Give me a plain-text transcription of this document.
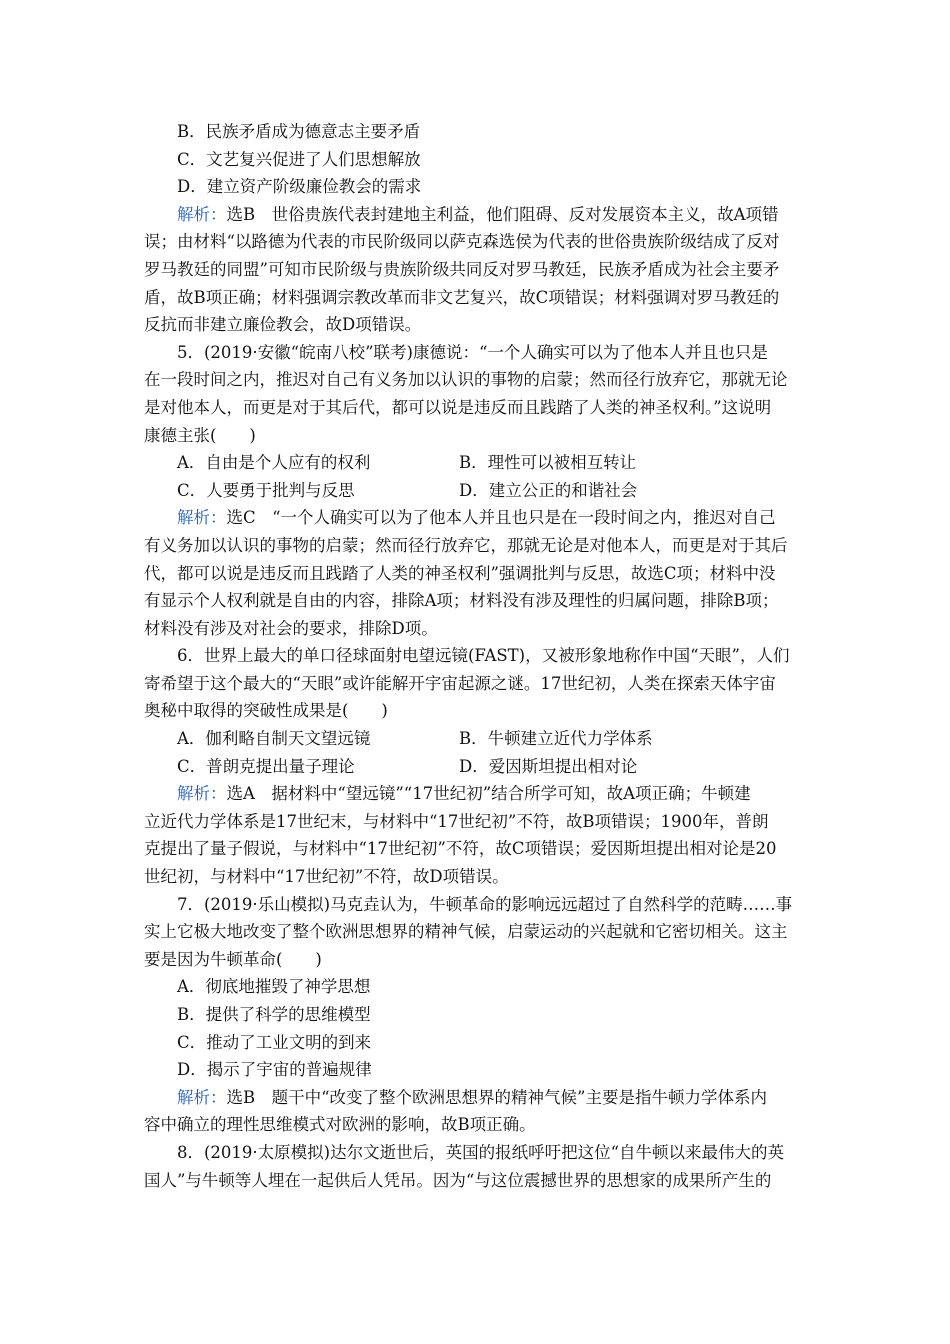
B．民族矛盾成为德意志主要矛盾
C．文艺复兴促进了人们思想解放
D．建立资产阶级廉俭教会的需求
解析：选B　世俗贵族代表封建地主利益，他们阻碍、反对发展资本主义，故A项错
误；由材料“以路德为代表的市民阶级同以萨克森选侯为代表的世俗贵族阶级结成了反对
罗马教廷的同盟”可知市民阶级与贵族阶级共同反对罗马教廷，民族矛盾成为社会主要矛
盾，故B项正确；材料强调宗教改革而非文艺复兴，故C项错误；材料强调对罗马教廷的
反抗而非建立廉俭教会，故D项错误。
5．(2019·安徽“皖南八校”联考)康德说：“一个人确实可以为了他本人并且也只是
在一段时间之内，推迟对自己有义务加以认识的事物的启蒙；然而径行放弃它，那就无论
是对他本人，而更是对于其后代，都可以说是违反而且践踏了人类的神圣权利。”这说明
康德主张(　　)
A．自由是个人应有的权利	B．理性可以被相互转让
C．人要勇于批判与反思	D．建立公正的和谐社会
解析：选C　“一个人确实可以为了他本人并且也只是在一段时间之内，推迟对自己
有义务加以认识的事物的启蒙；然而径行放弃它，那就无论是对他本人，而更是对于其后
代，都可以说是违反而且践踏了人类的神圣权利”强调批判与反思，故选C项；材料中没
有显示个人权利就是自由的内容，排除A项；材料没有涉及理性的归属问题，排除B项；
材料没有涉及对社会的要求，排除D项。
6．世界上最大的单口径球面射电望远镜(FAST)，又被形象地称作中国“天眼”，人们
寄希望于这个最大的“天眼”或许能解开宇宙起源之谜。17世纪初，人类在探索天体宇宙
奥秘中取得的突破性成果是(　　)
A．伽利略自制天文望远镜	B．牛顿建立近代力学体系
C．普朗克提出量子理论	D．爱因斯坦提出相对论
解析：选A　据材料中“望远镜”“17世纪初”结合所学可知，故A项正确；牛顿建
立近代力学体系是17世纪末，与材料中“17世纪初”不符，故B项错误；1900年，普朗
克提出了量子假说，与材料中“17世纪初”不符，故C项错误；爱因斯坦提出相对论是20
世纪初，与材料中“17世纪初”不符，故D项错误。
7．(2019·乐山模拟)马克垚认为，牛顿革命的影响远远超过了自然科学的范畴……事
实上它极大地改变了整个欧洲思想界的精神气候，启蒙运动的兴起就和它密切相关。这主
要是因为牛顿革命(　　)
A．彻底地摧毁了神学思想
B．提供了科学的思维模型
C．推动了工业文明的到来
D．揭示了宇宙的普遍规律
解析：选B　题干中“改变了整个欧洲思想界的精神气候”主要是指牛顿力学体系内
容中确立的理性思维模式对欧洲的影响，故B项正确。
8．(2019·太原模拟)达尔文逝世后，英国的报纸呼吁把这位“自牛顿以来最伟大的英
国人”与牛顿等人埋在一起供后人凭吊。因为“与这位震撼世界的思想家的成果所产生的
